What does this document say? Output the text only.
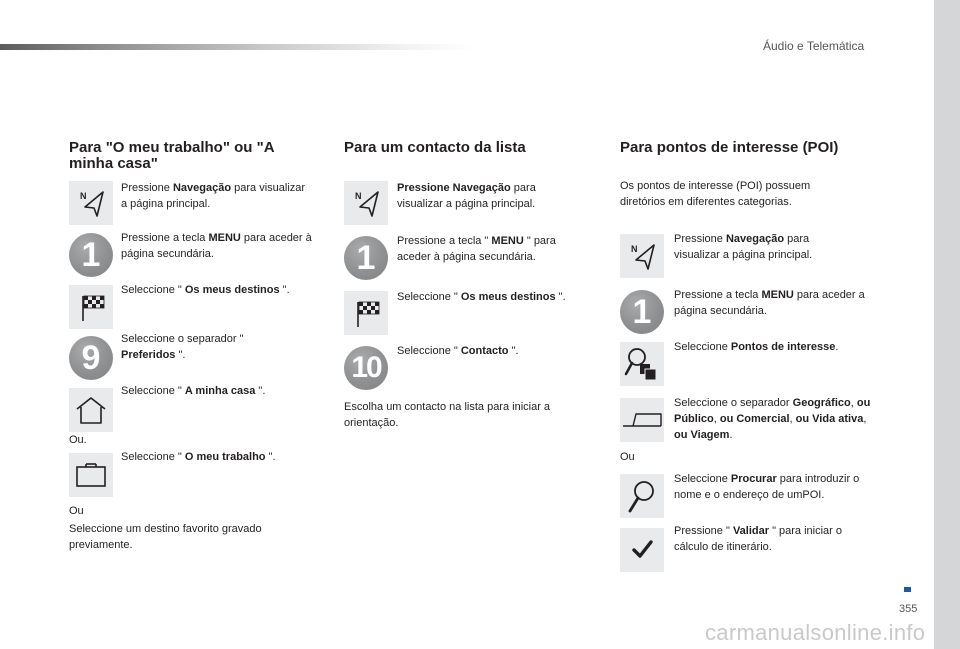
Áudio e Telemática
355
carmanualsonline.info
Para "O meu trabalho" ou "A minha casa"
N
Pressione Navegação para visualizar a página principal.
1	Pressione a tecla MENU para aceder à página secundária.
Seleccione " Os meus destinos ".
9	Seleccione o separador " Preferidos ".
Seleccione " A minha casa ".
Ou.
Seleccione " O meu trabalho ".
Ou
Seleccione um destino favorito gravado previamente.
Para um contacto da lista
N
Pressione Navegação para visualizar a página principal.
1	Pressione a tecla " MENU " para aceder à página secundária.
Seleccione " Os meus destinos ".
10	Seleccione " Contacto ".
Escolha um contacto na lista para iniciar a orientação.
Para pontos de interesse (POI)
Os pontos de interesse (POI) possuem diretórios em diferentes categorias.
N
Pressione Navegação para visualizar a página principal.
1	Pressione a tecla MENU para aceder a página secundária.
Seleccione Pontos de interesse.
Seleccione o separador Geográfico, ou Público, ou Comercial, ou Vida ativa, ou Viagem.
Ou
Seleccione Procurar para introduzir o nome e o endereço de umPOI.
Pressione " Validar " para iniciar o cálculo de itinerário.
